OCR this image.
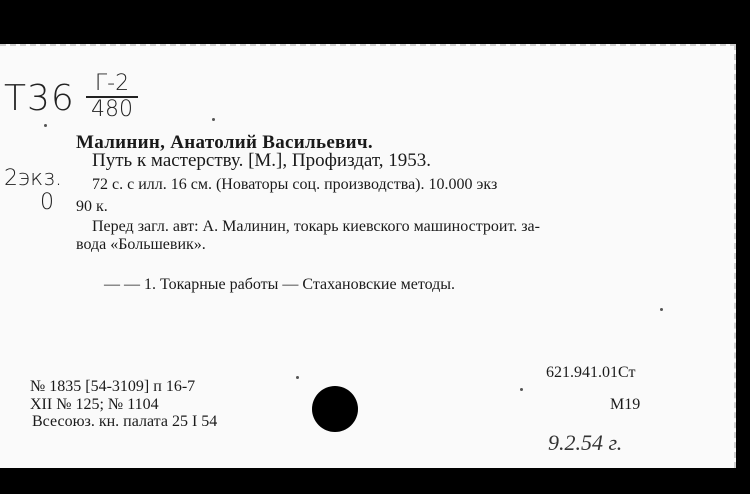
Т36 Г-2
480
2экз.
0
Малинин, Анатолий Васильевич.
Путь к мастерству. [М.], Профиздат, 1953.
72 с. с илл. 16 см. (Новаторы соц. производства). 10.000 экз
90 к.
Перед загл. авт: А. Малинин, токарь киевского машиностроит. за-
вода «Большевик».
— — 1. Токарные работы — Стахановские методы.
№ 1835 [54-3109] п 16-7
XII № 125; № 1104
Всесоюз. кн. палата 25 I 54
621.941.01Ст
M19
9.2.54 г.
